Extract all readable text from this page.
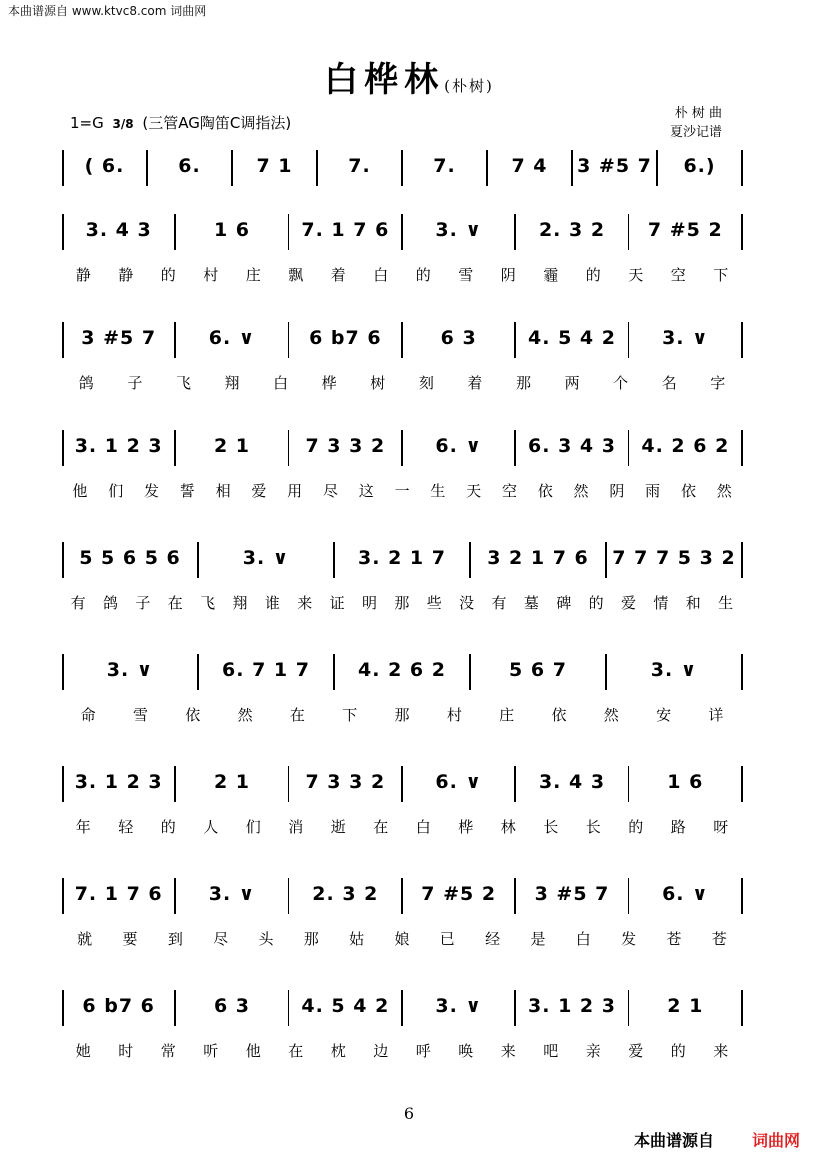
本曲谱源自 www.ktvc8.com 词曲网
白桦林(朴树)
1=G 3/8 (三管AG陶笛C调指法)
朴 树 曲
夏沙记谱
( 6.	6.	7 1	7.	7.	7 4	3 #5 7	6.)
3. 4 3	1 6	7. 1 7 6	3. ∨	2. 3 2	7 #5 2
静	静	的	村	庄	飘	着	白	的	雪	阴	霾	的	天	空	下
3 #5 7	6. ∨	6 b7 6	6 3	4. 5 4 2	3. ∨
鸽	子	飞	翔	白	桦	树	刻	着	那	两	个	名	字
3. 1 2 3	2 1	7 3 3 2	6. ∨	6. 3 4 3	4. 2 6 2
他	们	发	誓	相	爱	用	尽	这	一	生	天	空	依	然	阴	雨	依	然
5 5 6 5 6	3. ∨	3. 2 1 7	3 2 1 7 6	7 7 7 5 3 2
有	鸽	子	在	飞	翔	谁	来	证	明	那	些	没	有	墓	碑	的	爱	情	和	生
3. ∨	6. 7 1 7	4. 2 6 2	5 6 7	3. ∨
命	雪	依	然	在	下	那	村	庄	依	然	安	详
3. 1 2 3	2 1	7 3 3 2	6. ∨	3. 4 3	1 6
年	轻	的	人	们	消	逝	在	白	桦	林	长	长	的	路	呀
7. 1 7 6	3. ∨	2. 3 2	7 #5 2	3 #5 7	6. ∨
就	要	到	尽	头	那	姑	娘	已	经	是	白	发	苍	苍
6 b7 6	6 3	4. 5 4 2	3. ∨	3. 1 2 3	2 1
她	时	常	听	他	在	枕	边	呼	唤	来	吧	亲	爱	的	来
6
本曲谱源自 词曲网
